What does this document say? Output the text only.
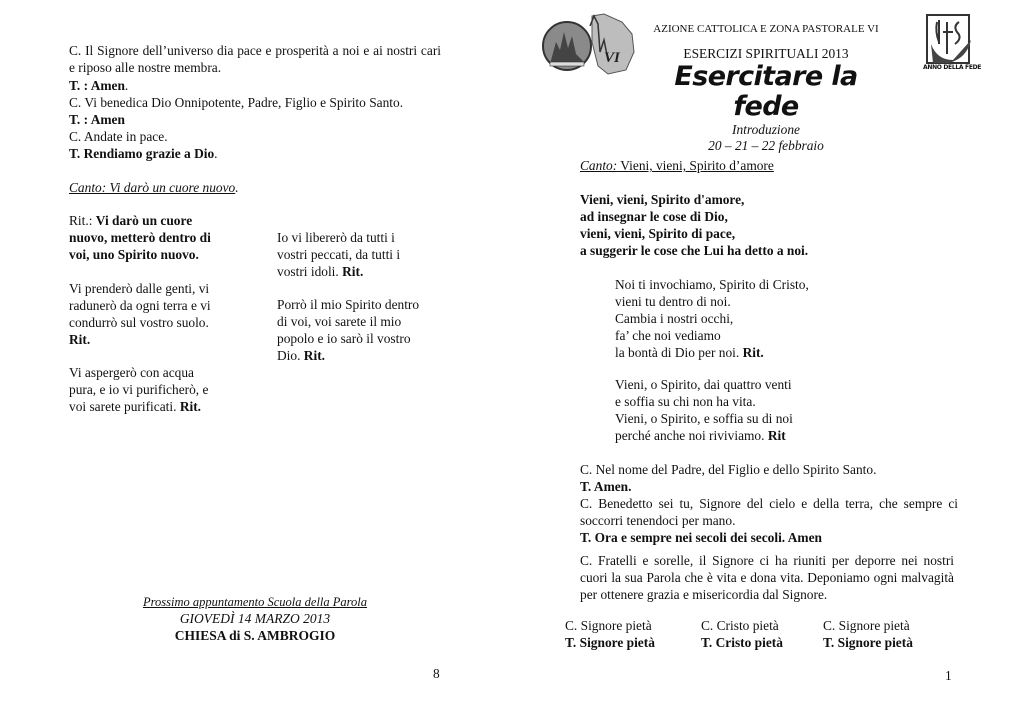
C. Il Signore dell’universo dia pace e prosperità a noi e ai nostri cari e riposo alle nostre membra.
T. : Amen.
C. Vi benedica Dio Onnipotente, Padre, Figlio e Spirito Santo.
T. : Amen
C. Andate in pace.
T. Rendiamo grazie a Dio.
Canto: Vi darò un cuore nuovo.
Rit.: Vi darò un cuore
nuovo, metterò dentro di
voi, uno Spirito nuovo.
Vi prenderò dalle genti, vi
radunerò da ogni terra e vi
condurrò sul vostro suolo.
Rit.
Vi aspergerò con acqua
pura, e io vi purificherò, e
voi sarete purificati. Rit.
Io vi libererò da tutti i
vostri peccati, da tutti i
vostri idoli. Rit.
Porrò il mio Spirito dentro
di voi, voi sarete il mio
popolo e io sarò il vostro
Dio. Rit.
Prossimo appuntamento Scuola della Parola
GIOVEDÌ 14 MARZO 2013
CHIESA di S. AMBROGIO
8
VI
AZIONE CATTOLICA E ZONA PASTORALE VI
ESERCIZI SPIRITUALI 2013
Esercitare la fede
Introduzione
20 – 21 – 22 febbraio
ANNO DELLA FEDE
Canto: Vieni, vieni, Spirito d’amore
Vieni, vieni, Spirito d'amore,
ad insegnar le cose di Dio,
vieni, vieni, Spirito di pace,
a suggerir le cose che Lui ha detto a noi.
Noi ti invochiamo, Spirito di Cristo,
vieni tu dentro di noi.
Cambia i nostri occhi,
fa’ che noi vediamo
la bontà di Dio per noi. Rit.
Vieni, o Spirito, dai quattro venti
e soffia su chi non ha vita.
Vieni, o Spirito, e soffia su di noi
perché anche noi riviviamo. Rit
C. Nel nome del Padre, del Figlio e dello Spirito Santo.
T. Amen.
C. Benedetto sei tu, Signore del cielo e della terra, che sempre ci soccorri tenendoci per mano.
T. Ora e sempre nei secoli dei secoli. Amen
C. Fratelli e sorelle, il Signore ci ha riuniti per deporre nei nostri cuori la sua Parola che è vita e dona vita. Deponiamo ogni malvagità per ottenere grazia e misericordia dal Signore.
C. Signore pietà
T. Signore pietà
C. Cristo pietà
T. Cristo pietà
C. Signore pietà
T. Signore pietà
1
